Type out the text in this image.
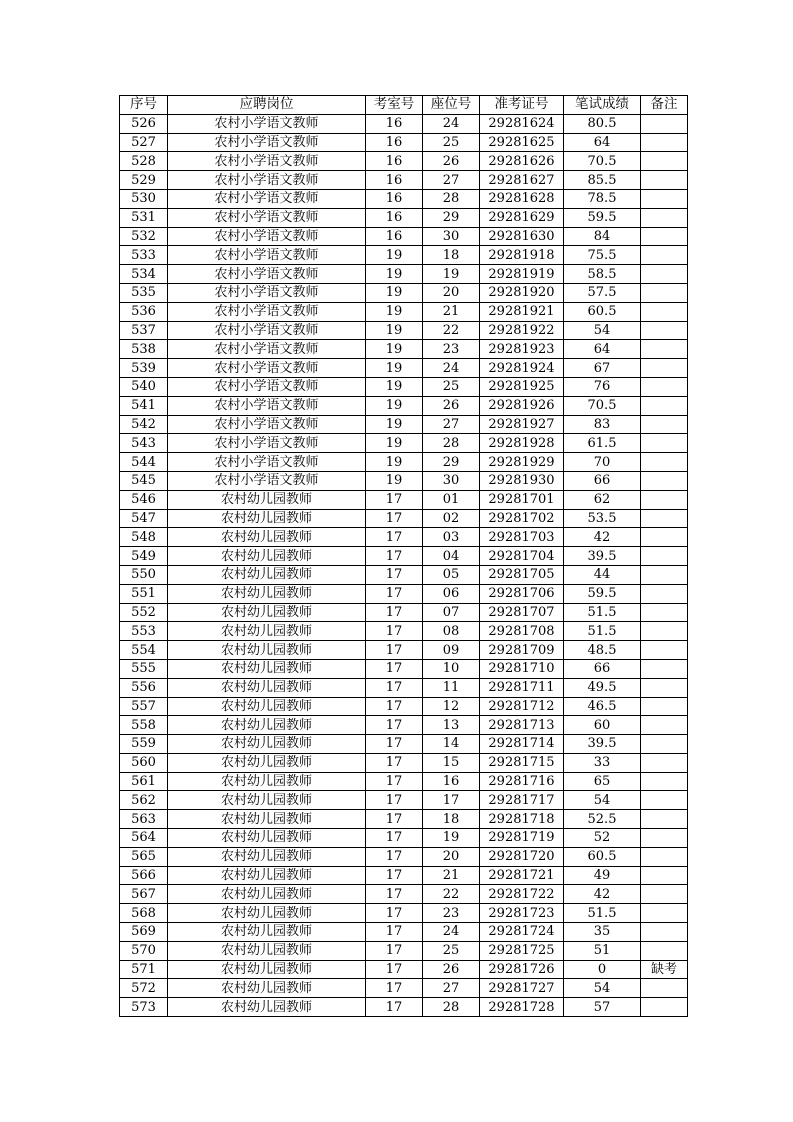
序号	应聘岗位	考室号	座位号	准考证号	笔试成绩	备注
526	农村小学语文教师	16	24	29281624	80.5	
527	农村小学语文教师	16	25	29281625	64	
528	农村小学语文教师	16	26	29281626	70.5	
529	农村小学语文教师	16	27	29281627	85.5	
530	农村小学语文教师	16	28	29281628	78.5	
531	农村小学语文教师	16	29	29281629	59.5	
532	农村小学语文教师	16	30	29281630	84	
533	农村小学语文教师	19	18	29281918	75.5	
534	农村小学语文教师	19	19	29281919	58.5	
535	农村小学语文教师	19	20	29281920	57.5	
536	农村小学语文教师	19	21	29281921	60.5	
537	农村小学语文教师	19	22	29281922	54	
538	农村小学语文教师	19	23	29281923	64	
539	农村小学语文教师	19	24	29281924	67	
540	农村小学语文教师	19	25	29281925	76	
541	农村小学语文教师	19	26	29281926	70.5	
542	农村小学语文教师	19	27	29281927	83	
543	农村小学语文教师	19	28	29281928	61.5	
544	农村小学语文教师	19	29	29281929	70	
545	农村小学语文教师	19	30	29281930	66	
546	农村幼儿园教师	17	01	29281701	62	
547	农村幼儿园教师	17	02	29281702	53.5	
548	农村幼儿园教师	17	03	29281703	42	
549	农村幼儿园教师	17	04	29281704	39.5	
550	农村幼儿园教师	17	05	29281705	44	
551	农村幼儿园教师	17	06	29281706	59.5	
552	农村幼儿园教师	17	07	29281707	51.5	
553	农村幼儿园教师	17	08	29281708	51.5	
554	农村幼儿园教师	17	09	29281709	48.5	
555	农村幼儿园教师	17	10	29281710	66	
556	农村幼儿园教师	17	11	29281711	49.5	
557	农村幼儿园教师	17	12	29281712	46.5	
558	农村幼儿园教师	17	13	29281713	60	
559	农村幼儿园教师	17	14	29281714	39.5	
560	农村幼儿园教师	17	15	29281715	33	
561	农村幼儿园教师	17	16	29281716	65	
562	农村幼儿园教师	17	17	29281717	54	
563	农村幼儿园教师	17	18	29281718	52.5	
564	农村幼儿园教师	17	19	29281719	52	
565	农村幼儿园教师	17	20	29281720	60.5	
566	农村幼儿园教师	17	21	29281721	49	
567	农村幼儿园教师	17	22	29281722	42	
568	农村幼儿园教师	17	23	29281723	51.5	
569	农村幼儿园教师	17	24	29281724	35	
570	农村幼儿园教师	17	25	29281725	51	
571	农村幼儿园教师	17	26	29281726	0	缺考
572	农村幼儿园教师	17	27	29281727	54	
573	农村幼儿园教师	17	28	29281728	57	
